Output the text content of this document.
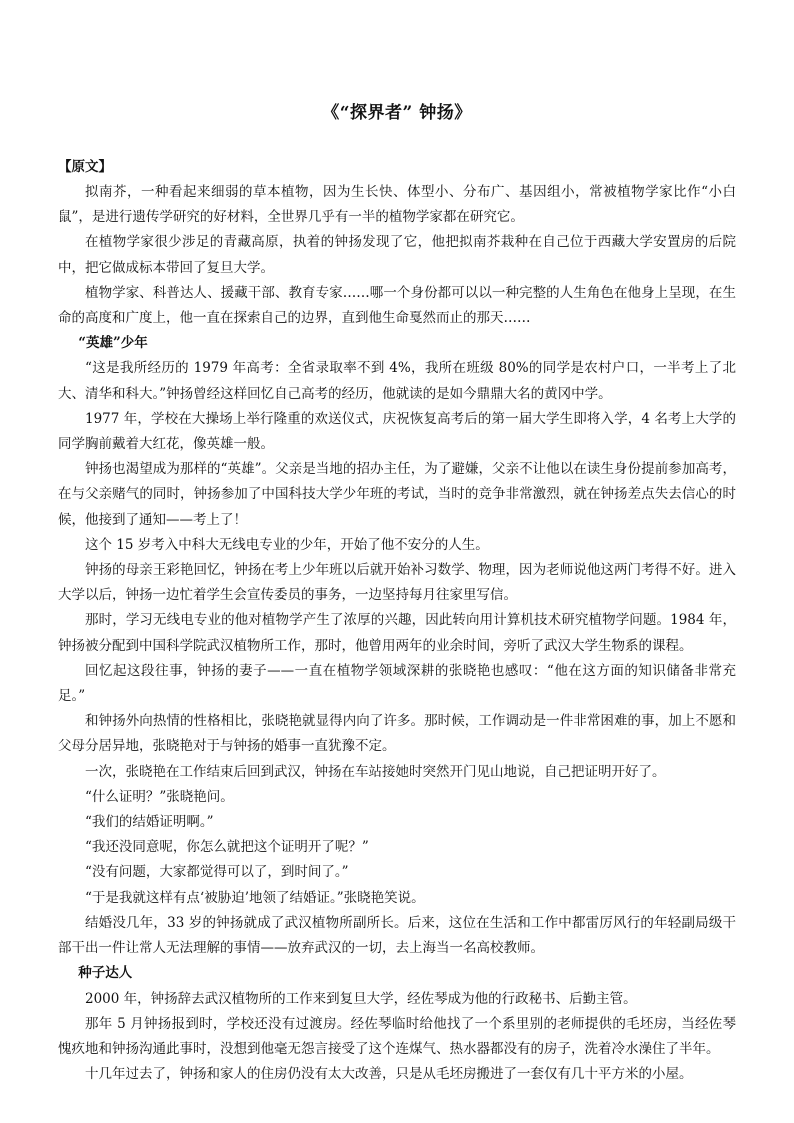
《“探界者” 钟扬》
【原文】

拟南芥，一种看起来细弱的草本植物，因为生长快、体型小、分布广、基因组小，常被植物学家比作“小白鼠”，是进行遗传学研究的好材料，全世界几乎有一半的植物学家都在研究它。

在植物学家很少涉足的青藏高原，执着的钟扬发现了它，他把拟南芥栽种在自己位于西藏大学安置房的后院中，把它做成标本带回了复旦大学。

植物学家、科普达人、援藏干部、教育专家……哪一个身份都可以以一种完整的人生角色在他身上呈现，在生命的高度和广度上，他一直在探索自己的边界，直到他生命戛然而止的那天……

“英雄”少年

“这是我所经历的 1979 年高考：全省录取率不到 4%，我所在班级 80%的同学是农村户口，一半考上了北大、清华和科大。”钟扬曾经这样回忆自己高考的经历，他就读的是如今鼎鼎大名的黄冈中学。

1977 年，学校在大操场上举行隆重的欢送仪式，庆祝恢复高考后的第一届大学生即将入学，4 名考上大学的同学胸前戴着大红花，像英雄一般。

钟扬也渴望成为那样的“英雄”。父亲是当地的招办主任，为了避嫌，父亲不让他以在读生身份提前参加高考，在与父亲赌气的同时，钟扬参加了中国科技大学少年班的考试，当时的竞争非常激烈，就在钟扬差点失去信心的时候，他接到了通知——考上了！

这个 15 岁考入中科大无线电专业的少年，开始了他不安分的人生。

钟扬的母亲王彩艳回忆，钟扬在考上少年班以后就开始补习数学、物理，因为老师说他这两门考得不好。进入大学以后，钟扬一边忙着学生会宣传委员的事务，一边坚持每月往家里写信。

那时，学习无线电专业的他对植物学产生了浓厚的兴趣，因此转向用计算机技术研究植物学问题。1984 年，钟扬被分配到中国科学院武汉植物所工作，那时，他曾用两年的业余时间，旁听了武汉大学生物系的课程。

回忆起这段往事，钟扬的妻子——一直在植物学领域深耕的张晓艳也感叹：“他在这方面的知识储备非常充足。”

和钟扬外向热情的性格相比，张晓艳就显得内向了许多。那时候，工作调动是一件非常困难的事，加上不愿和父母分居异地，张晓艳对于与钟扬的婚事一直犹豫不定。

一次，张晓艳在工作结束后回到武汉，钟扬在车站接她时突然开门见山地说，自己把证明开好了。

“什么证明？”张晓艳问。

“我们的结婚证明啊。”

“我还没同意呢，你怎么就把这个证明开了呢？”

“没有问题，大家都觉得可以了，到时间了。”

“于是我就这样有点‘被胁迫’地领了结婚证。”张晓艳笑说。

结婚没几年，33 岁的钟扬就成了武汉植物所副所长。后来，这位在生活和工作中都雷厉风行的年轻副局级干部干出一件让常人无法理解的事情——放弃武汉的一切，去上海当一名高校教师。

种子达人

2000 年，钟扬辞去武汉植物所的工作来到复旦大学，经佐琴成为他的行政秘书、后勤主管。

那年 5 月钟扬报到时，学校还没有过渡房。经佐琴临时给他找了一个系里别的老师提供的毛坯房，当经佐琴愧疚地和钟扬沟通此事时，没想到他毫无怨言接受了这个连煤气、热水器都没有的房子，洗着冷水澡住了半年。

十几年过去了，钟扬和家人的住房仍没有太大改善，只是从毛坯房搬进了一套仅有几十平方米的小屋。
